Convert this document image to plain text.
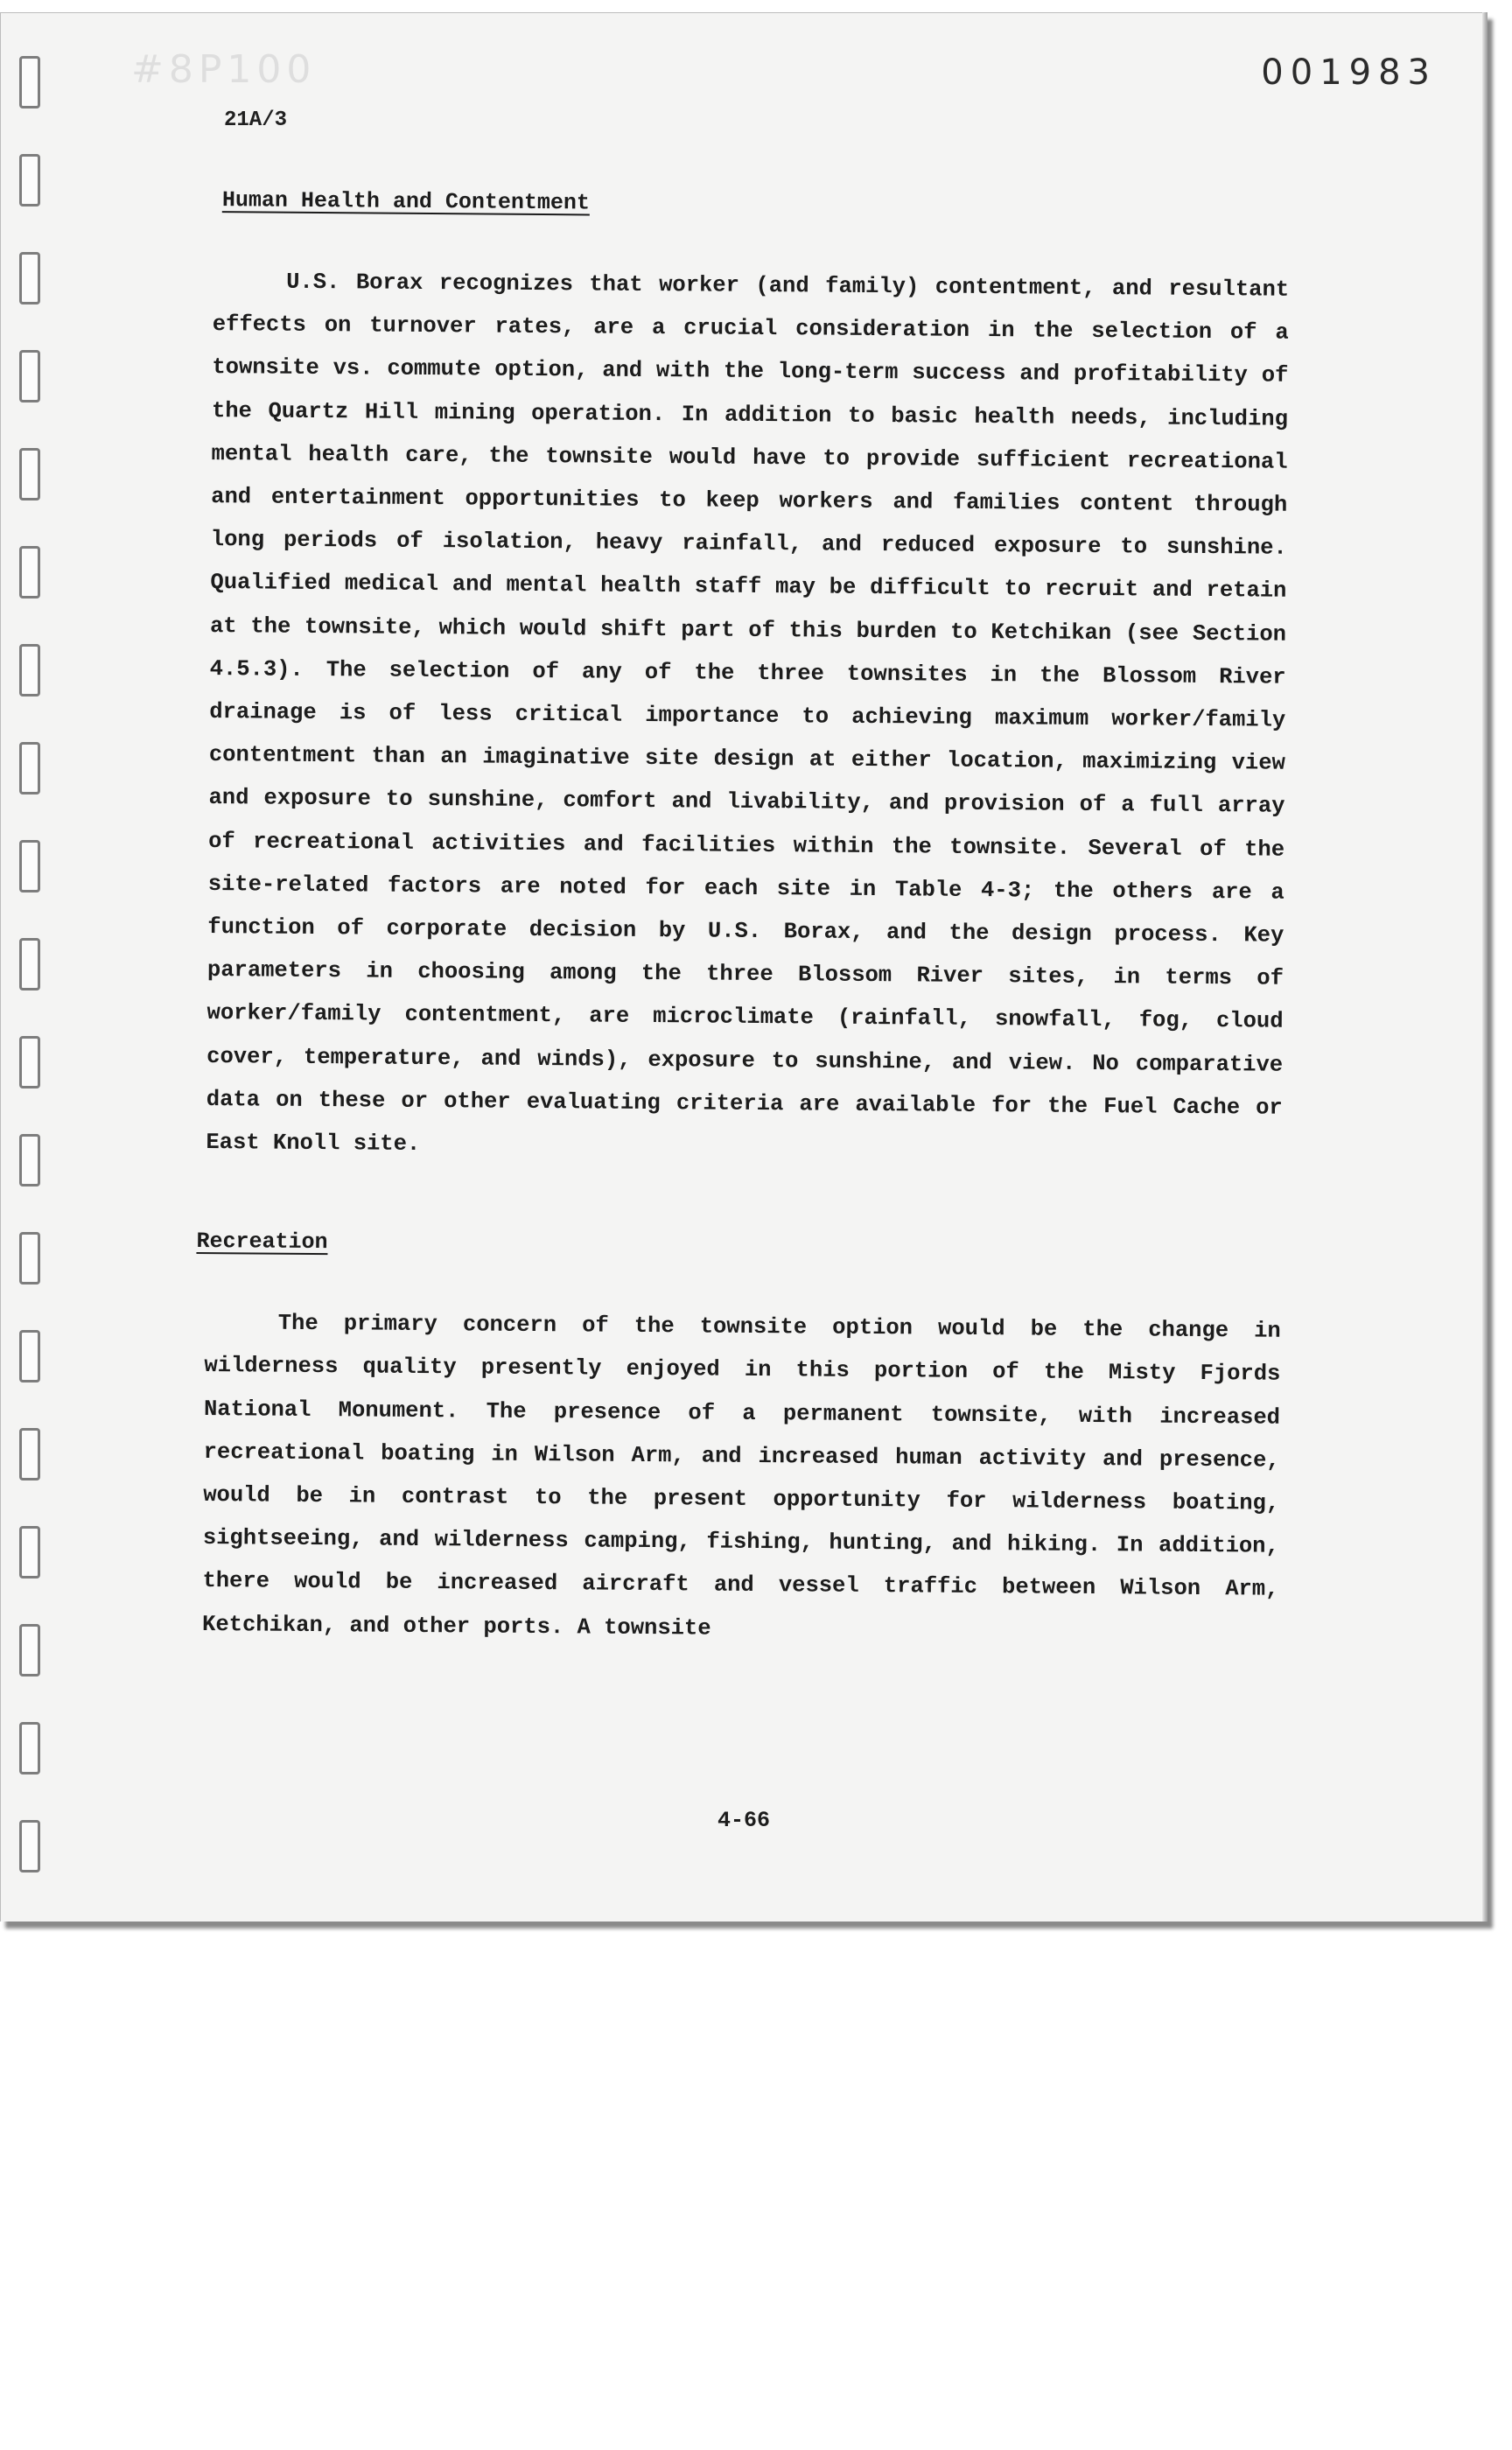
#8P100	001983
21A/3
Human Health and Contentment

U.S. Borax recognizes that worker (and family) contentment, and resultant effects on turnover rates, are a crucial consideration in the selection of a townsite vs. commute option, and with the long-term success and profitability of the Quartz Hill mining operation. In addition to basic health needs, including mental health care, the townsite would have to provide sufficient recreational and entertainment opportunities to keep workers and families content through long periods of isolation, heavy rainfall, and reduced exposure to sunshine. Qualified medical and mental health staff may be difficult to recruit and retain at the townsite, which would shift part of this burden to Ketchikan (see Section 4.5.3). The selection of any of the three townsites in the Blossom River drainage is of less critical importance to achieving maximum worker/family contentment than an imaginative site design at either location, maximizing view and exposure to sunshine, comfort and livability, and provision of a full array of recreational activities and facilities within the townsite. Several of the site-related factors are noted for each site in Table 4-3; the others are a function of corporate decision by U.S. Borax, and the design process. Key parameters in choosing among the three Blossom River sites, in terms of worker/family contentment, are microclimate (rainfall, snowfall, fog, cloud cover, temperature, and winds), exposure to sunshine, and view. No comparative data on these or other evaluating criteria are available for the Fuel Cache or East Knoll site.

Recreation

The primary concern of the townsite option would be the change in wilderness quality presently enjoyed in this portion of the Misty Fjords National Monument. The presence of a permanent townsite, with increased recreational boating in Wilson Arm, and increased human activity and presence, would be in contrast to the present opportunity for wilderness boating, sightseeing, and wilderness camping, fishing, hunting, and hiking. In addition, there would be increased aircraft and vessel traffic between Wilson Arm, Ketchikan, and other ports. A townsite

4-66
